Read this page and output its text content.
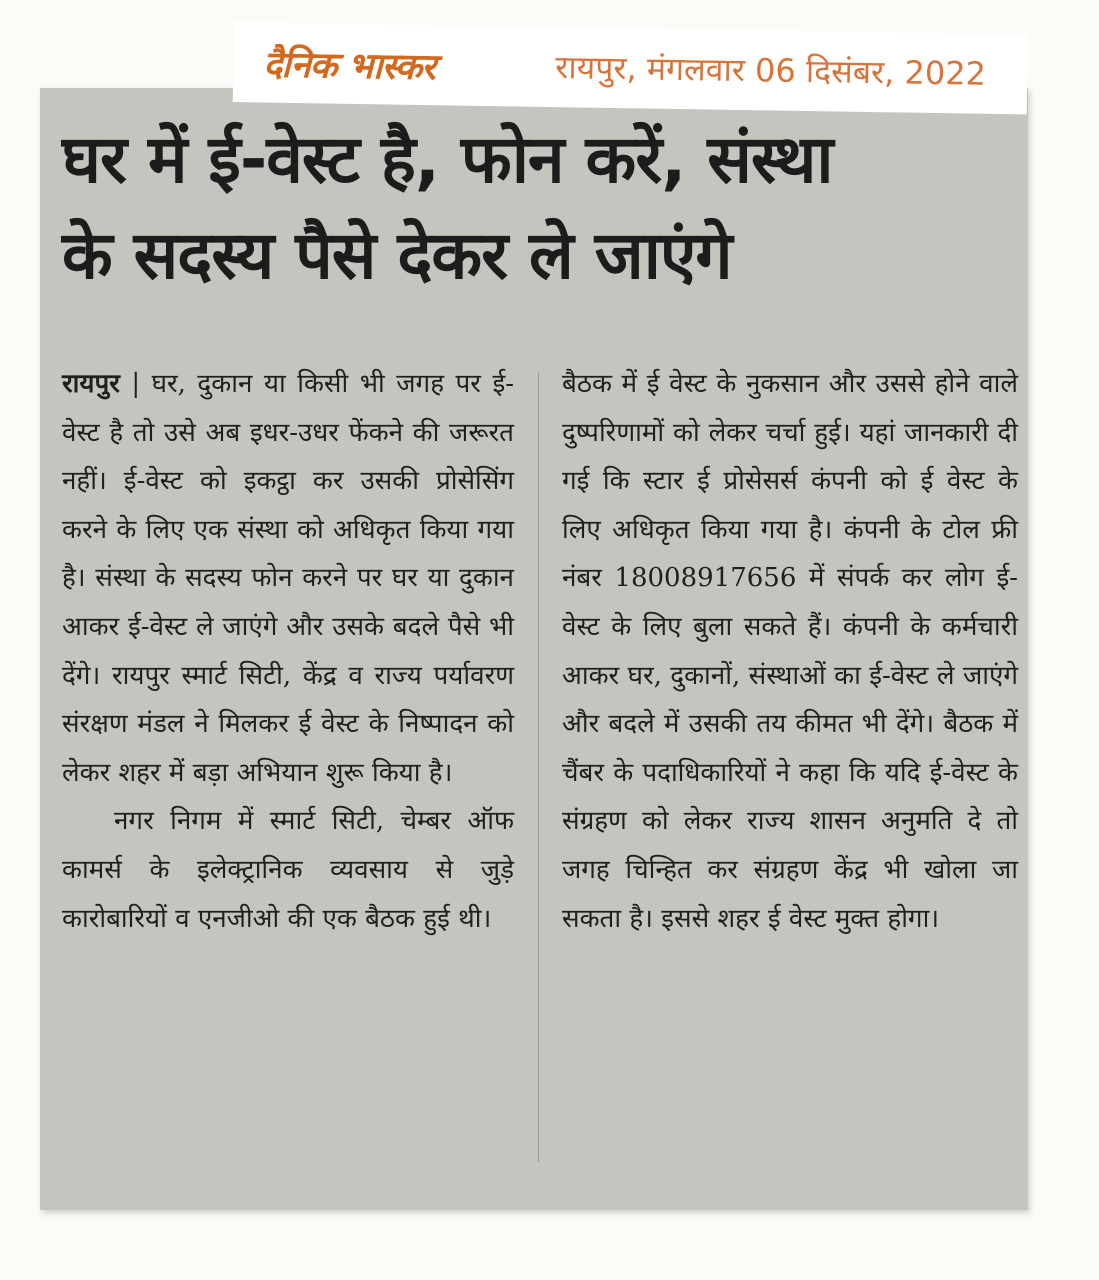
दैनिक भास्कर	रायपुर, मंगलवार 06 दिसंबर, 2022
घर में ई-वेस्ट है, फोन करें, संस्था
के सदस्य पैसे देकर ले जाएंगे

रायपुर | घर, दुकान या किसी भी जगह पर ई-वेस्ट है तो उसे अब इधर-उधर फेंकने की जरूरत नहीं। ई-वेस्ट को इकट्ठा कर उसकी प्रोसेसिंग करने के लिए एक संस्था को अधिकृत किया गया है। संस्था के सदस्य फोन करने पर घर या दुकान आकर ई-वेस्ट ले जाएंगे और उसके बदले पैसे भी देंगे। रायपुर स्मार्ट सिटी, केंद्र व राज्य पर्यावरण संरक्षण मंडल ने मिलकर ई वेस्ट के निष्पादन को लेकर शहर में बड़ा अभियान शुरू किया है।

नगर निगम में स्मार्ट सिटी, चेम्बर ऑफ कामर्स के इलेक्ट्रानिक व्यवसाय से जुड़े कारोबारियों व एनजीओ की एक बैठक हुई थी।

बैठक में ई वेस्ट के नुकसान और उससे होने वाले दुष्परिणामों को लेकर चर्चा हुई। यहां जानकारी दी गई कि स्टार ई प्रोसेसर्स कंपनी को ई वेस्ट के लिए अधिकृत किया गया है। कंपनी के टोल फ्री नंबर 18008917656 में संपर्क कर लोग ई-वेस्ट के लिए बुला सकते हैं। कंपनी के कर्मचारी आकर घर, दुकानों, संस्थाओं का ई-वेस्ट ले जाएंगे और बदले में उसकी तय कीमत भी देंगे। बैठक में चैंबर के पदाधिकारियों ने कहा कि यदि ई-वेस्ट के संग्रहण को लेकर राज्य शासन अनुमति दे तो जगह चिन्हित कर संग्रहण केंद्र भी खोला जा सकता है। इससे शहर ई वेस्ट मुक्त होगा।
